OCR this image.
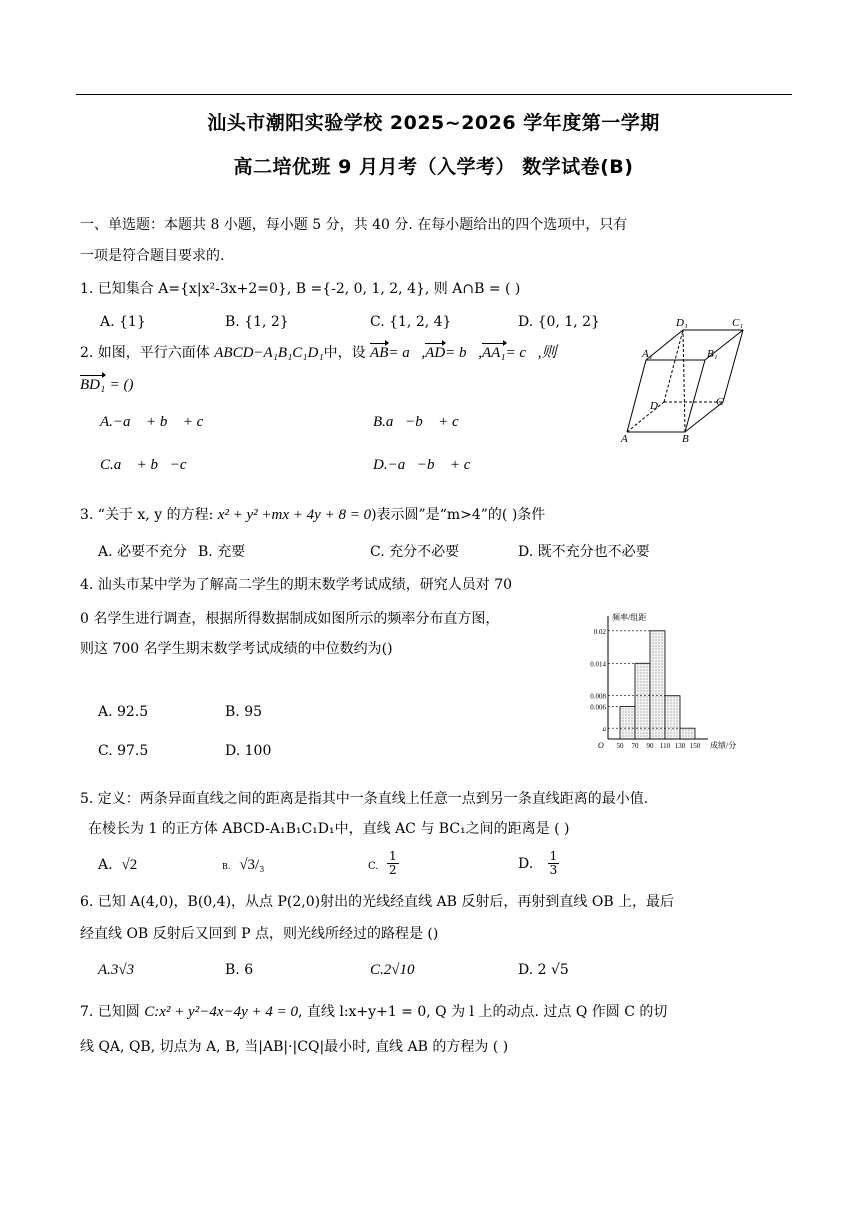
汕头市潮阳实验学校 2025~2026 学年度第一学期
高二培优班 9 月月考（入学考） 数学试卷(B)
一、单选题：本题共 8 小题，每小题 5 分，共 40 分. 在每小题给出的四个选项中，只有
一项是符合题目要求的.
1. 已知集合 A={x|x²-3x+2=0}, B ={-2, 0, 1, 2, 4}, 则 A∩B = ( )
A. {1}	B. {1, 2}	C. {1, 2, 4}	D. {0, 1, 2}
2. 如图，平行六面体 ABCD−A₁B₁C₁D₁中，设 AB= a⃗,AD= b⃗,AA₁= c⃗,则
BD₁ = ()
A.−a⃗ + b⃗ + c⃗	B.a⃗−b⃗ + c⃗
C.a⃗ + b⃗−c⃗	D.−a⃗−b⃗ + c⃗
D₁	C₁
A₁	B₁
D	C
A	B
3. “关于 x, y 的方程: x² + y² +mx + 4y + 8 = 0)表示圆”是“m>4”的( )条件
A. 必要不充分 B. 充要	C. 充分不必要	D. 既不充分也不必要
4. 汕头市某中学为了解高二学生的期末数学考试成绩，研究人员对 70
0 名学生进行调查，根据所得数据制成如图所示的频率分布直方图，
则这 700 名学生期末数学考试成绩的中位数约为()
A. 92.5	B. 95
C. 97.5	D. 100
a
0.006
0.008
0.014
0.02
50 70 90 110 130 150
频率/组距
成绩/分
O
5. 定义：两条异面直线之间的距离是指其中一条直线上任意一点到另一条直线距离的最小值.
在棱长为 1 的正方体 ABCD-A₁B₁C₁D₁中，直线 AC 与 BC₁之间的距离是 ( )
A. √2	B. √3/₃	$_{C.} \frac{1}{2}$	D. $\frac{1}{3}$
6. 已知 A(4,0)，B(0,4)，从点 P(2,0)射出的光线经直线 AB 反射后，再射到直线 OB 上，最后
经直线 OB 反射后又回到 P 点，则光线所经过的路程是 ()
A.3√3	B. 6	C.2√10	D. 2 √5
7. 已知圆 C:x² + y²−4x−4y + 4 = 0, 直线 l:x+y+1 = 0, Q 为 l 上的动点. 过点 Q 作圆 C 的切
线 QA, QB, 切点为 A, B, 当|AB|·|CQ|最小时, 直线 AB 的方程为 ( )
